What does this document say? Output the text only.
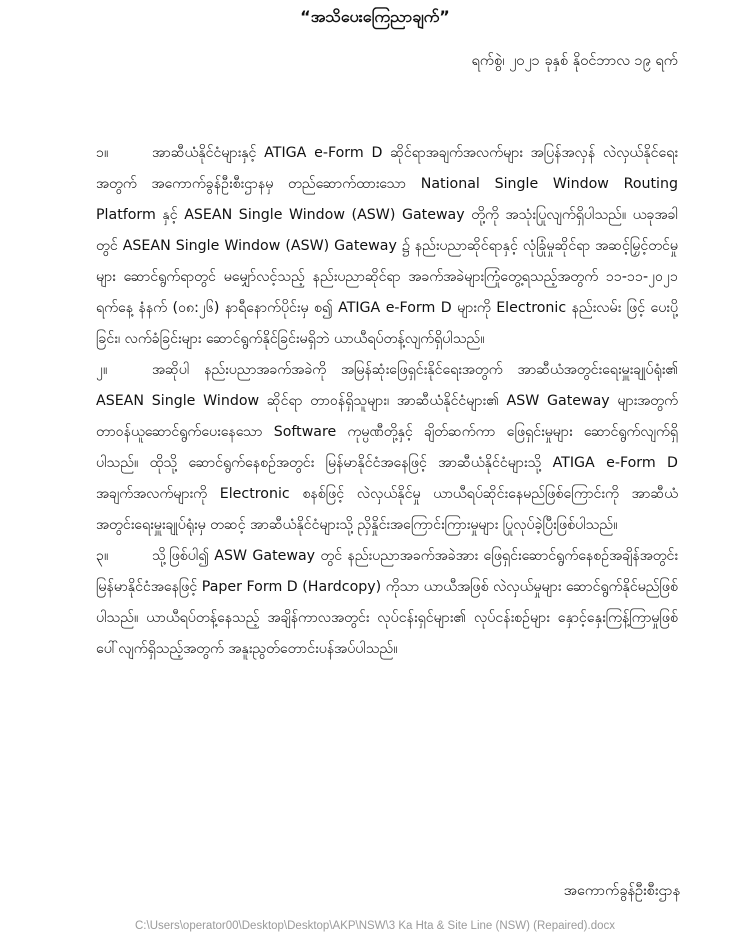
“အသိပေးကြေညာချက်”
ရက်စွဲ၊ ၂၀၂၁ ခုနှစ် နိုဝင်ဘာလ ၁၉ ရက်

၁။	အာဆီယံနိုင်ငံများနှင့် ATIGA e-Form D ဆိုင်ရာအချက်အလက်များ အပြန်အလှန် လဲလှယ်နိုင်ရေးအတွက် အကောက်ခွန်ဦးစီးဌာနမှ တည်ဆောက်ထားသော National Single Window Routing Platform နှင့် ASEAN Single Window (ASW) Gateway တို့ကို အသုံးပြုလျက်ရှိပါသည်။ ယခုအခါတွင် ASEAN Single Window (ASW) Gateway ၌ နည်းပညာဆိုင်ရာနှင့် လုံခြုံမှုဆိုင်ရာ အဆင့်မြှင့်တင်မှုများ ဆောင်ရွက်ရာတွင် မမျှော်လင့်သည့် နည်းပညာဆိုင်ရာ အခက်အခဲများကြုံတွေ့ရသည့်အတွက် ၁၁-၁၁-၂၀၂၁ ရက်နေ့ နံနက် (၀၈:၂၆) နာရီနောက်ပိုင်းမှ စ၍ ATIGA e-Form D များကို Electronic နည်းလမ်း ဖြင့် ပေးပို့ခြင်း၊ လက်ခံခြင်းများ ဆောင်ရွက်နိုင်ခြင်းမရှိဘဲ ယာယီရပ်တန့်လျက်ရှိပါသည်။

၂။	အဆိုပါ နည်းပညာအခက်အခဲကို အမြန်ဆုံးဖြေရှင်းနိုင်ရေးအတွက် အာဆီယံအတွင်းရေးမှူးချုပ်ရုံး၏ ASEAN Single Window ဆိုင်ရာ တာဝန်ရှိသူများ၊ အာဆီယံနိုင်ငံများ၏ ASW Gateway များအတွက် တာဝန်ယူဆောင်ရွက်ပေးနေသော Software ကုမ္ပဏီတို့နှင့် ချိတ်ဆက်ကာ ဖြေရှင်းမှုများ ဆောင်ရွက်လျက်ရှိပါသည်။ ထိုသို့ ဆောင်ရွက်နေစဉ်အတွင်း မြန်မာနိုင်ငံအနေဖြင့် အာဆီယံနိုင်ငံများသို့ ATIGA e-Form D အချက်အလက်များကို Electronic စနစ်ဖြင့် လဲလှယ်နိုင်မှု ယာယီရပ်ဆိုင်းနေမည်ဖြစ်ကြောင်းကို အာဆီယံအတွင်းရေးမှူးချုပ်ရုံးမှ တဆင့် အာဆီယံနိုင်ငံများသို့ ညှိနှိုင်းအကြောင်းကြားမှုများ ပြုလုပ်ခဲ့ပြီးဖြစ်ပါသည်။

၃။	သို့ဖြစ်ပါ၍ ASW Gateway တွင် နည်းပညာအခက်အခဲအား ဖြေရှင်းဆောင်ရွက်နေစဉ်အချိန်အတွင်း မြန်မာနိုင်ငံအနေဖြင့် Paper Form D (Hardcopy) ကိုသာ ယာယီအဖြစ် လဲလှယ်မှုများ ဆောင်ရွက်နိုင်မည်ဖြစ်ပါသည်။ ယာယီရပ်တန့်နေသည့် အချိန်ကာလအတွင်း လုပ်ငန်းရှင်များ၏ လုပ်ငန်းစဉ်များ နှောင့်နှေးကြန့်ကြာမှုဖြစ်ပေါ်လျက်ရှိသည့်အတွက် အနူးညွတ်တောင်းပန်အပ်ပါသည်။

အကောက်ခွန်ဦးစီးဌာန
C:\Users\operator00\Desktop\Desktop\AKP\NSW\3 Ka Hta & Site Line (NSW) (Repaired).docx
